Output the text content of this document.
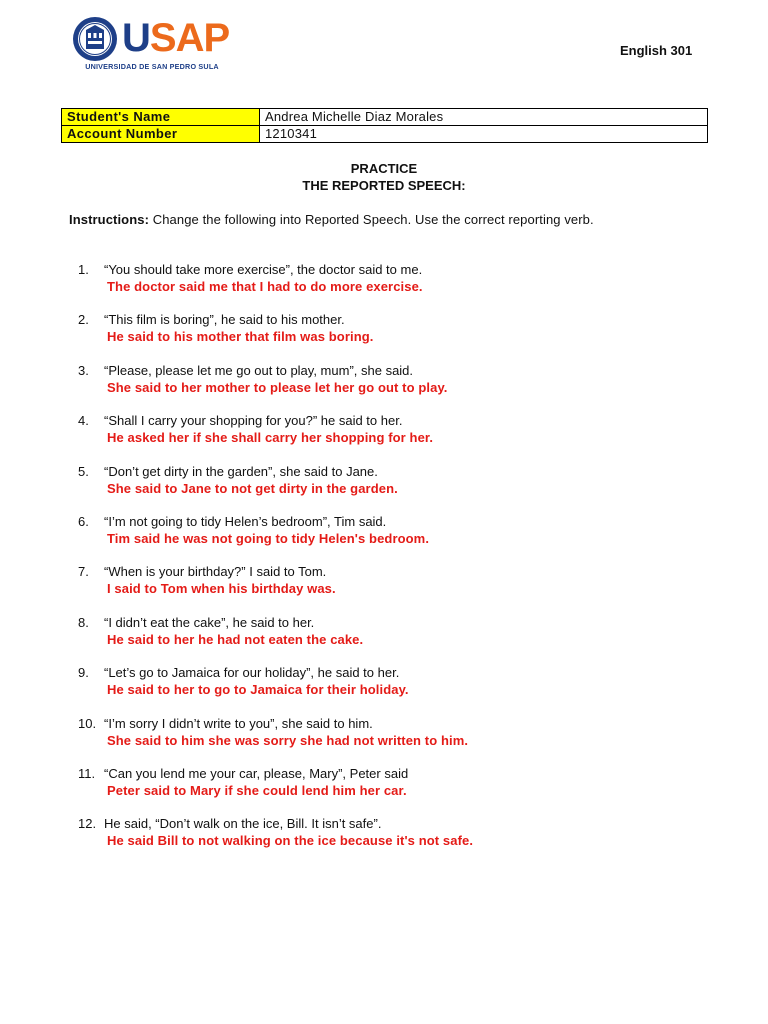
USAP
UNIVERSIDAD DE SAN PEDRO SULA
English 301
Student's Name	Andrea Michelle Diaz Morales
Account Number	1210341
PRACTICE
THE REPORTED SPEECH:
Instructions: Change the following into Reported Speech. Use the correct reporting verb.
1. “You should take more exercise”, the doctor said to me.
The doctor said me that I had to do more exercise.
2. “This film is boring”, he said to his mother.
He said to his mother that film was boring.
3. “Please, please let me go out to play, mum”, she said.
She said to her mother to please let her go out to play.
4. “Shall I carry your shopping for you?” he said to her.
He asked her if she shall carry her shopping for her.
5. “Don’t get dirty in the garden”, she said to Jane.
She said to Jane to not get dirty in the garden.
6. “I’m not going to tidy Helen’s bedroom”, Tim said.
Tim said he was not going to tidy Helen's bedroom.
7. “When is your birthday?” I said to Tom.
I said to Tom when his birthday was.
8. “I didn’t eat the cake”, he said to her.
He said to her he had not eaten the cake.
9. “Let’s go to Jamaica for our holiday”, he said to her.
He said to her to go to Jamaica for their holiday.
10. “I’m sorry I didn’t write to you”, she said to him.
She said to him she was sorry she had not written to him.
11. “Can you lend me your car, please, Mary”, Peter said
Peter said to Mary if she could lend him her car.
12. He said, “Don’t walk on the ice, Bill. It isn’t safe”.
He said Bill to not walking on the ice because it's not safe.
